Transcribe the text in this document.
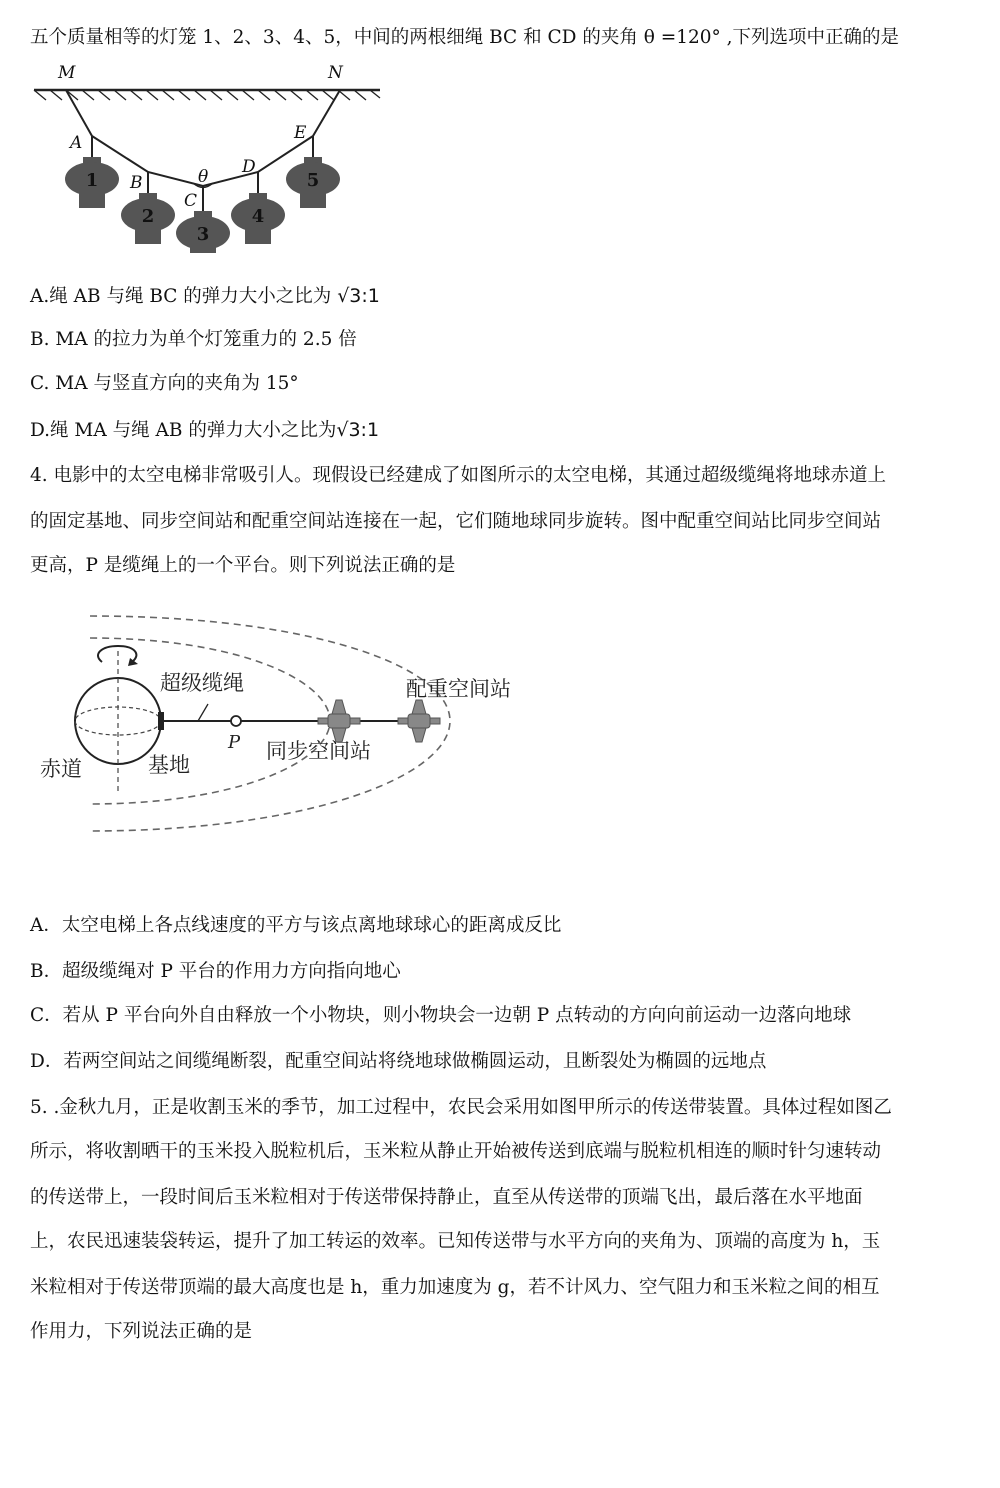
五个质量相等的灯笼 1、2、3、4、5，中间的两根细绳 BC 和 CD 的夹角 θ =120° ,下列选项中正确的是
1
2
3
4
5
M	N
A
B
C
D
E
θ
A.绳 AB 与绳 BC 的弹力大小之比为 √3:1
B. MA 的拉力为单个灯笼重力的 2.5 倍
C. MA 与竖直方向的夹角为 15°
D.绳 MA 与绳 AB 的弹力大小之比为√3:1
4. 电影中的太空电梯非常吸引人。现假设已经建成了如图所示的太空电梯，其通过超级缆绳将地球赤道上
的固定基地、同步空间站和配重空间站连接在一起，它们随地球同步旋转。图中配重空间站比同步空间站
更高，P 是缆绳上的一个平台。则下列说法正确的是
超级缆绳	配重空间站
同步空间站
赤道	基地
P
A．太空电梯上各点线速度的平方与该点离地球球心的距离成反比
B．超级缆绳对 P 平台的作用力方向指向地心
C．若从 P 平台向外自由释放一个小物块，则小物块会一边朝 P 点转动的方向向前运动一边落向地球
D．若两空间站之间缆绳断裂，配重空间站将绕地球做椭圆运动，且断裂处为椭圆的远地点
5. .金秋九月，正是收割玉米的季节，加工过程中，农民会采用如图甲所示的传送带装置。具体过程如图乙
所示，将收割晒干的玉米投入脱粒机后，玉米粒从静止开始被传送到底端与脱粒机相连的顺时针匀速转动
的传送带上，一段时间后玉米粒相对于传送带保持静止，直至从传送带的顶端飞出，最后落在水平地面
上，农民迅速装袋转运，提升了加工转运的效率。已知传送带与水平方向的夹角为、顶端的高度为 h，玉
米粒相对于传送带顶端的最大高度也是 h，重力加速度为 g，若不计风力、空气阻力和玉米粒之间的相互
作用力，下列说法正确的是
